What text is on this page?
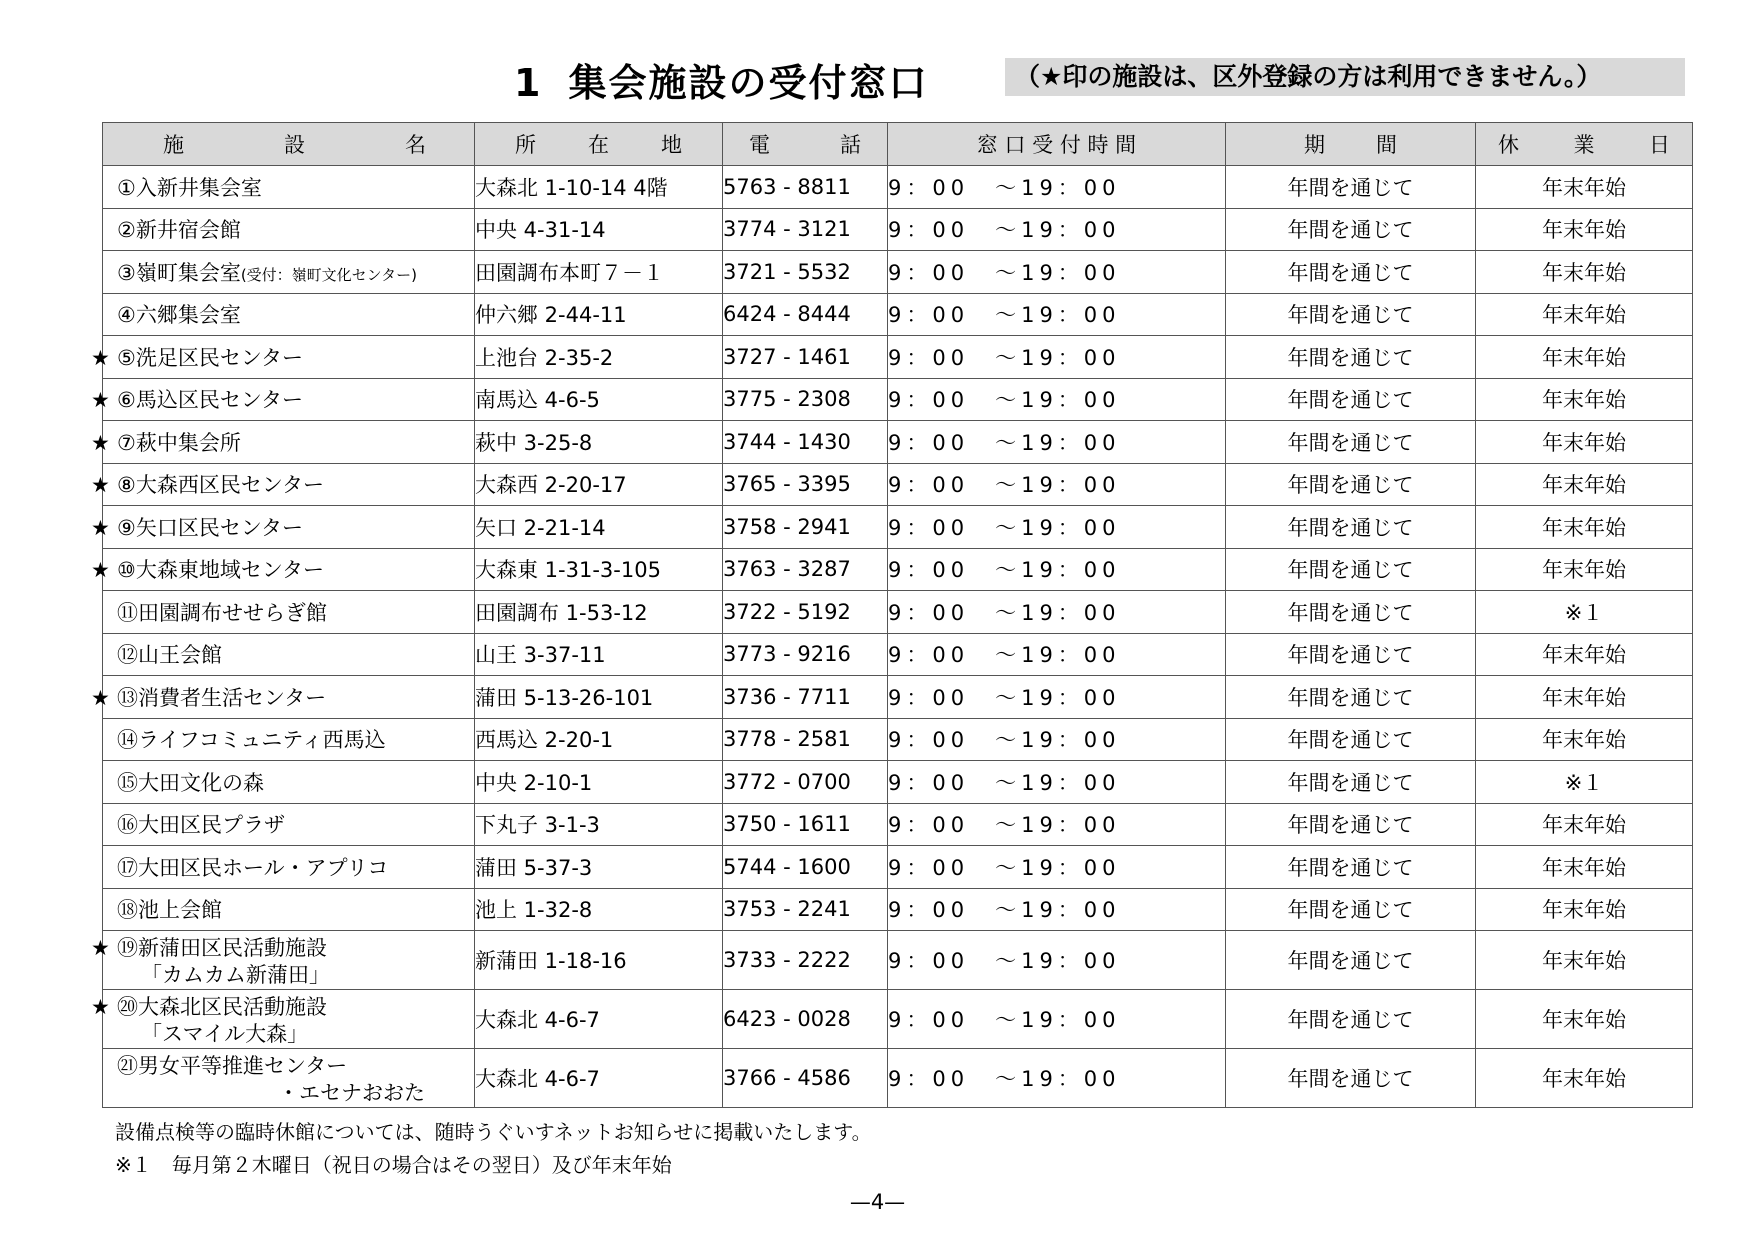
1 集会施設の受付窓口	（★印の施設は、区外登録の方は利用できません。）
施 設 名	所 在 地	電 話	窓 口 受 付 時 間	期 間	休 業 日

①入新井集会室	大森北 1-10-14 4階	5763 - 8811	9：00　～19：00	年間を通じて	年末年始
②新井宿会館	中央 4-31-14	3774 - 3121	9：00　～19：00	年間を通じて	年末年始
③嶺町集会室(受付：嶺町文化センター)	田園調布本町７－１	3721 - 5532	9：00　～19：00	年間を通じて	年末年始
④六郷集会室	仲六郷 2-44-11	6424 - 8444	9：00　～19：00	年間を通じて	年末年始
★ ⑤洗足区民センター	上池台 2-35-2	3727 - 1461	9：00　～19：00	年間を通じて	年末年始
★ ⑥馬込区民センター	南馬込 4-6-5	3775 - 2308	9：00　～19：00	年間を通じて	年末年始
★ ⑦萩中集会所	萩中 3-25-8	3744 - 1430	9：00　～19：00	年間を通じて	年末年始
★ ⑧大森西区民センター	大森西 2-20-17	3765 - 3395	9：00　～19：00	年間を通じて	年末年始
★ ⑨矢口区民センター	矢口 2-21-14	3758 - 2941	9：00　～19：00	年間を通じて	年末年始
★ ⑩大森東地域センター	大森東 1-31-3-105	3763 - 3287	9：00　～19：00	年間を通じて	年末年始
⑪田園調布せせらぎ館	田園調布 1-53-12	3722 - 5192	9：00　～19：00	年間を通じて	※１
⑫山王会館	山王 3-37-11	3773 - 9216	9：00　～19：00	年間を通じて	年末年始
★ ⑬消費者生活センター	蒲田 5-13-26-101	3736 - 7711	9：00　～19：00	年間を通じて	年末年始
⑭ライフコミュニティ西馬込	西馬込 2-20-1	3778 - 2581	9：00　～19：00	年間を通じて	年末年始
⑮大田文化の森	中央 2-10-1	3772 - 0700	9：00　～19：00	年間を通じて	※１
⑯大田区民プラザ	下丸子 3-1-3	3750 - 1611	9：00　～19：00	年間を通じて	年末年始
⑰大田区民ホール・アプリコ	蒲田 5-37-3	5744 - 1600	9：00　～19：00	年間を通じて	年末年始
⑱池上会館	池上 1-32-8	3753 - 2241	9：00　～19：00	年間を通じて	年末年始
★ ⑲新蒲田区民活動施設
「カムカム新蒲田」	新蒲田 1-18-16	3733 - 2222	9：00　～19：00	年間を通じて	年末年始
★ ⑳大森北区民活動施設
「スマイル大森」	大森北 4-6-7	6423 - 0028	9：00　～19：00	年間を通じて	年末年始
㉑男女平等推進センター
・エセナおおた	大森北 4-6-7	3766 - 4586	9：00　～19：00	年間を通じて	年末年始
設備点検等の臨時休館については、随時うぐいすネットお知らせに掲載いたします。
※１　毎月第２木曜日（祝日の場合はその翌日）及び年末年始
—4—
